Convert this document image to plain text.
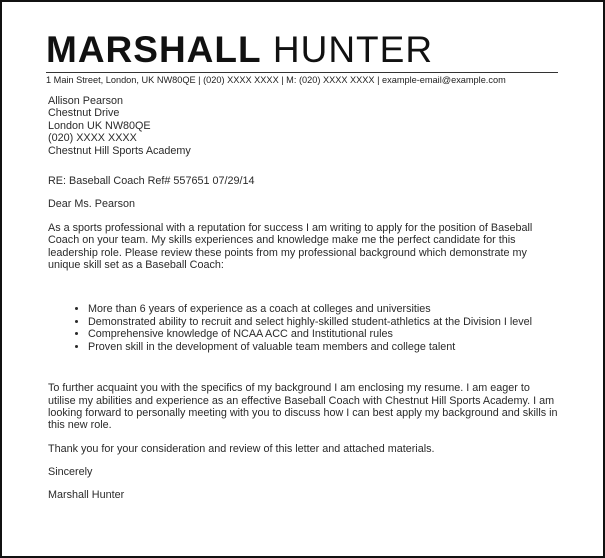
MARSHALL HUNTER
1 Main Street, London, UK NW80QE | (020) XXXX XXXX | M: (020) XXXX XXXX | example-email@example.com
Allison Pearson
Chestnut Drive
London UK NW80QE
(020) XXXX XXXX
Chestnut Hill Sports Academy
RE: Baseball Coach Ref# 557651 07/29/14
Dear Ms. Pearson
As a sports professional with a reputation for success I am writing to apply for the position of Baseball Coach on your team. My skills experiences and knowledge make me the perfect candidate for this leadership role. Please review these points from my professional background which demonstrate my unique skill set as a Baseball Coach:
• More than 6 years of experience as a coach at colleges and universities
• Demonstrated ability to recruit and select highly-skilled student-athletics at the Division I level
• Comprehensive knowledge of NCAA ACC and Institutional rules
• Proven skill in the development of valuable team members and college talent
To further acquaint you with the specifics of my background I am enclosing my resume. I am eager to utilise my abilities and experience as an effective Baseball Coach with Chestnut Hill Sports Academy. I am looking forward to personally meeting with you to discuss how I can best apply my background and skills in this new role.
Thank you for your consideration and review of this letter and attached materials.
Sincerely
Marshall Hunter
